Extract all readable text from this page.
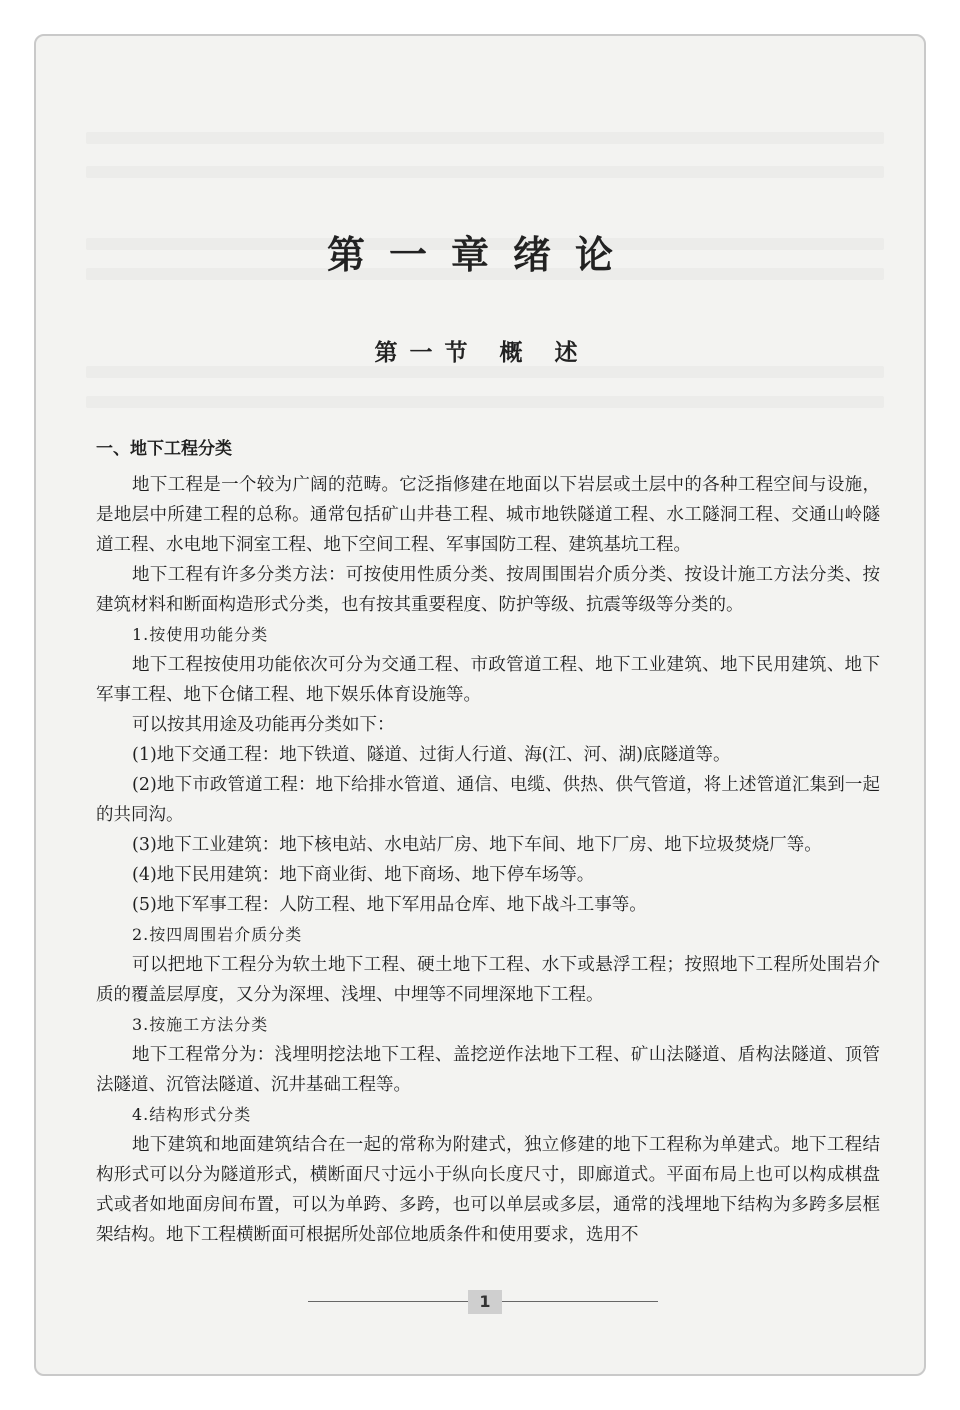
第一章绪论
第一节 概 述
一、地下工程分类

地下工程是一个较为广阔的范畴。它泛指修建在地面以下岩层或土层中的各种工程空间与设施，是地层中所建工程的总称。通常包括矿山井巷工程、城市地铁隧道工程、水工隧洞工程、交通山岭隧道工程、水电地下洞室工程、地下空间工程、军事国防工程、建筑基坑工程。

地下工程有许多分类方法：可按使用性质分类、按周围围岩介质分类、按设计施工方法分类、按建筑材料和断面构造形式分类，也有按其重要程度、防护等级、抗震等级等分类的。

1.按使用功能分类

地下工程按使用功能依次可分为交通工程、市政管道工程、地下工业建筑、地下民用建筑、地下军事工程、地下仓储工程、地下娱乐体育设施等。

可以按其用途及功能再分类如下：

(1)地下交通工程：地下铁道、隧道、过街人行道、海(江、河、湖)底隧道等。

(2)地下市政管道工程：地下给排水管道、通信、电缆、供热、供气管道，将上述管道汇集到一起的共同沟。

(3)地下工业建筑：地下核电站、水电站厂房、地下车间、地下厂房、地下垃圾焚烧厂等。

(4)地下民用建筑：地下商业街、地下商场、地下停车场等。

(5)地下军事工程：人防工程、地下军用品仓库、地下战斗工事等。

2.按四周围岩介质分类

可以把地下工程分为软土地下工程、硬土地下工程、水下或悬浮工程；按照地下工程所处围岩介质的覆盖层厚度，又分为深埋、浅埋、中埋等不同埋深地下工程。

3.按施工方法分类

地下工程常分为：浅埋明挖法地下工程、盖挖逆作法地下工程、矿山法隧道、盾构法隧道、顶管法隧道、沉管法隧道、沉井基础工程等。

4.结构形式分类

地下建筑和地面建筑结合在一起的常称为附建式，独立修建的地下工程称为单建式。地下工程结构形式可以分为隧道形式，横断面尺寸远小于纵向长度尺寸，即廊道式。平面布局上也可以构成棋盘式或者如地面房间布置，可以为单跨、多跨，也可以单层或多层，通常的浅埋地下结构为多跨多层框架结构。地下工程横断面可根据所处部位地质条件和使用要求，选用不

1
